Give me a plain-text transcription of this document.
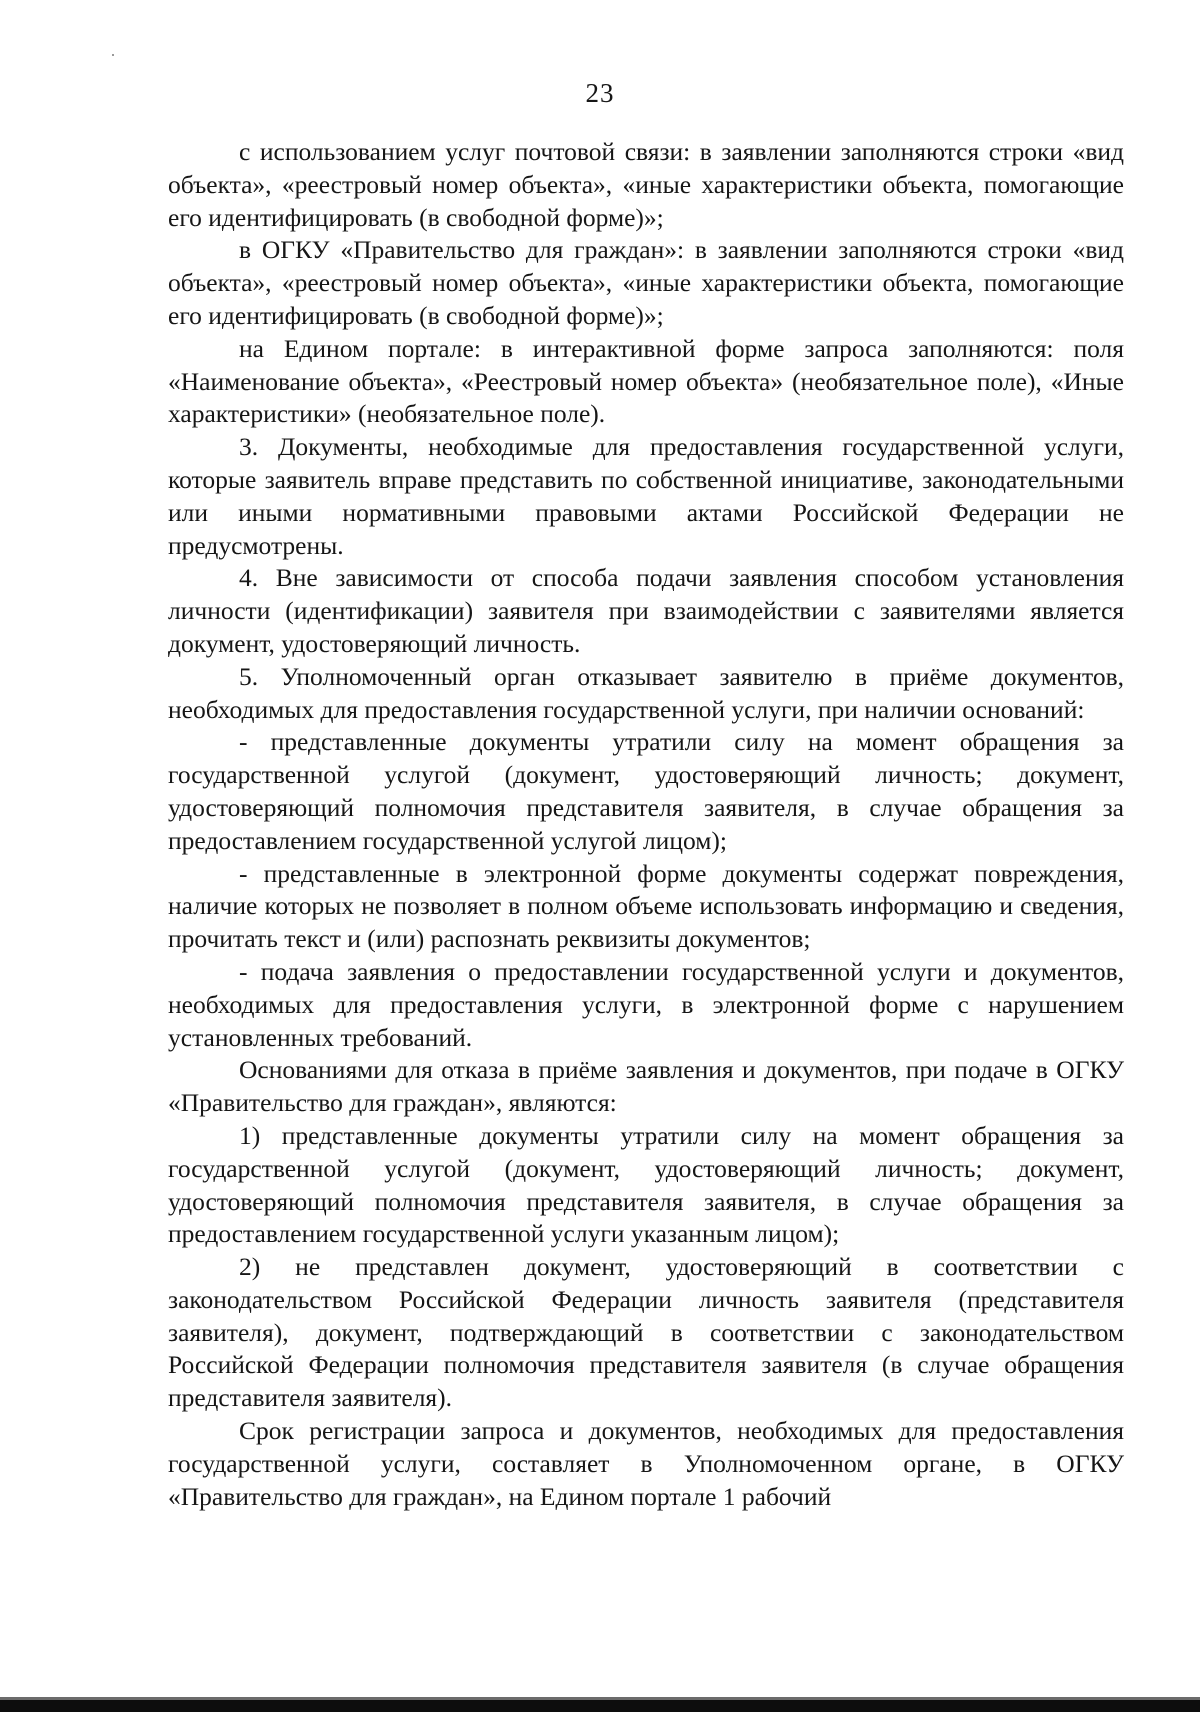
23

с использованием услуг почтовой связи: в заявлении заполняются строки «вид объекта», «реестровый номер объекта», «иные характеристики объекта, помогающие его идентифицировать (в свободной форме)»;

в ОГКУ «Правительство для граждан»: в заявлении заполняются строки «вид объекта», «реестровый номер объекта», «иные характеристики объекта, помогающие его идентифицировать (в свободной форме)»;

на Едином портале: в интерактивной форме запроса заполняются: поля «Наименование объекта», «Реестровый номер объекта» (необязательное поле), «Иные характеристики» (необязательное поле).

3. Документы, необходимые для предоставления государственной услуги, которые заявитель вправе представить по собственной инициативе, законодательными или иными нормативными правовыми актами Российской Федерации не предусмотрены.

4. Вне зависимости от способа подачи заявления способом установления личности (идентификации) заявителя при взаимодействии с заявителями является документ, удостоверяющий личность.

5. Уполномоченный орган отказывает заявителю в приёме документов, необходимых для предоставления государственной услуги, при наличии оснований:

- представленные документы утратили силу на момент обращения за государственной услугой (документ, удостоверяющий личность; документ, удостоверяющий полномочия представителя заявителя, в случае обращения за предоставлением государственной услугой лицом);

- представленные в электронной форме документы содержат повреждения, наличие которых не позволяет в полном объеме использовать информацию и сведения, прочитать текст и (или) распознать реквизиты документов;

- подача заявления о предоставлении государственной услуги и документов, необходимых для предоставления услуги, в электронной форме с нарушением установленных требований.

Основаниями для отказа в приёме заявления и документов, при подаче в ОГКУ «Правительство для граждан», являются:

1) представленные документы утратили силу на момент обращения за государственной услугой (документ, удостоверяющий личность; документ, удостоверяющий полномочия представителя заявителя, в случае обращения за предоставлением государственной услуги указанным лицом);

2) не представлен документ, удостоверяющий в соответствии с законодательством Российской Федерации личность заявителя (представителя заявителя), документ, подтверждающий в соответствии с законодательством Российской Федерации полномочия представителя заявителя (в случае обращения представителя заявителя).

Срок регистрации запроса и документов, необходимых для предоставления государственной услуги, составляет в Уполномоченном органе, в ОГКУ «Правительство для граждан», на Едином портале 1 рабочий
